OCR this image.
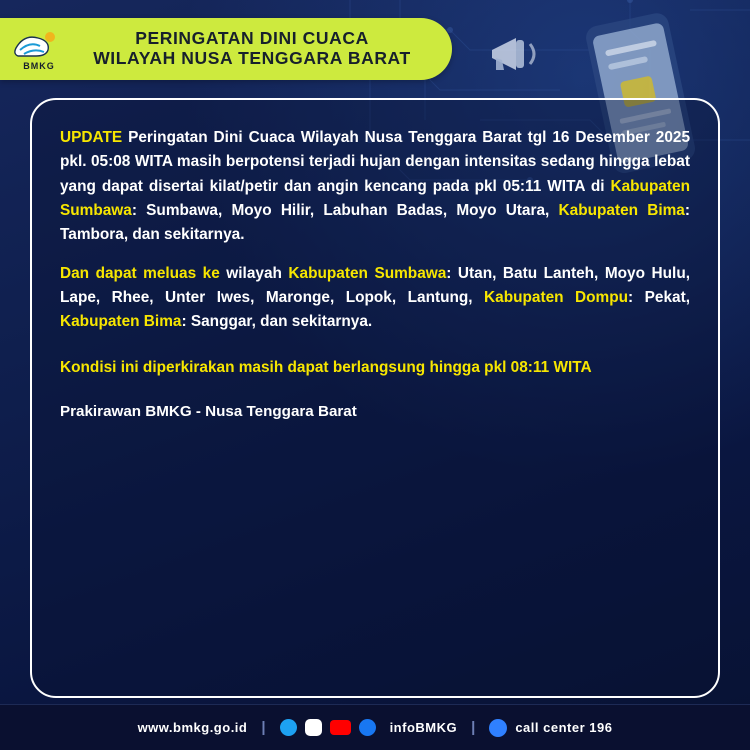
BMKG
PERINGATAN DINI CUACA
WILAYAH NUSA TENGGARA BARAT

UPDATE Peringatan Dini Cuaca Wilayah Nusa Tenggara Barat tgl 16 Desember 2025 pkl. 05:08 WITA masih berpotensi terjadi hujan dengan intensitas sedang hingga lebat yang dapat disertai kilat/petir dan angin kencang pada pkl 05:11 WITA di Kabupaten Sumbawa: Sumbawa, Moyo Hilir, Labuhan Badas, Moyo Utara, Kabupaten Bima: Tambora, dan sekitarnya.

Dan dapat meluas ke wilayah Kabupaten Sumbawa: Utan, Batu Lanteh, Moyo Hulu, Lape, Rhee, Unter Iwes, Maronge, Lopok, Lantung, Kabupaten Dompu: Pekat, Kabupaten Bima: Sanggar, dan sekitarnya.

Kondisi ini diperkirakan masih dapat berlangsung hingga pkl 08:11 WITA

Prakirawan BMKG - Nusa Tenggara Barat

www.bmkg.go.id |	infoBMKG |	call center 196
